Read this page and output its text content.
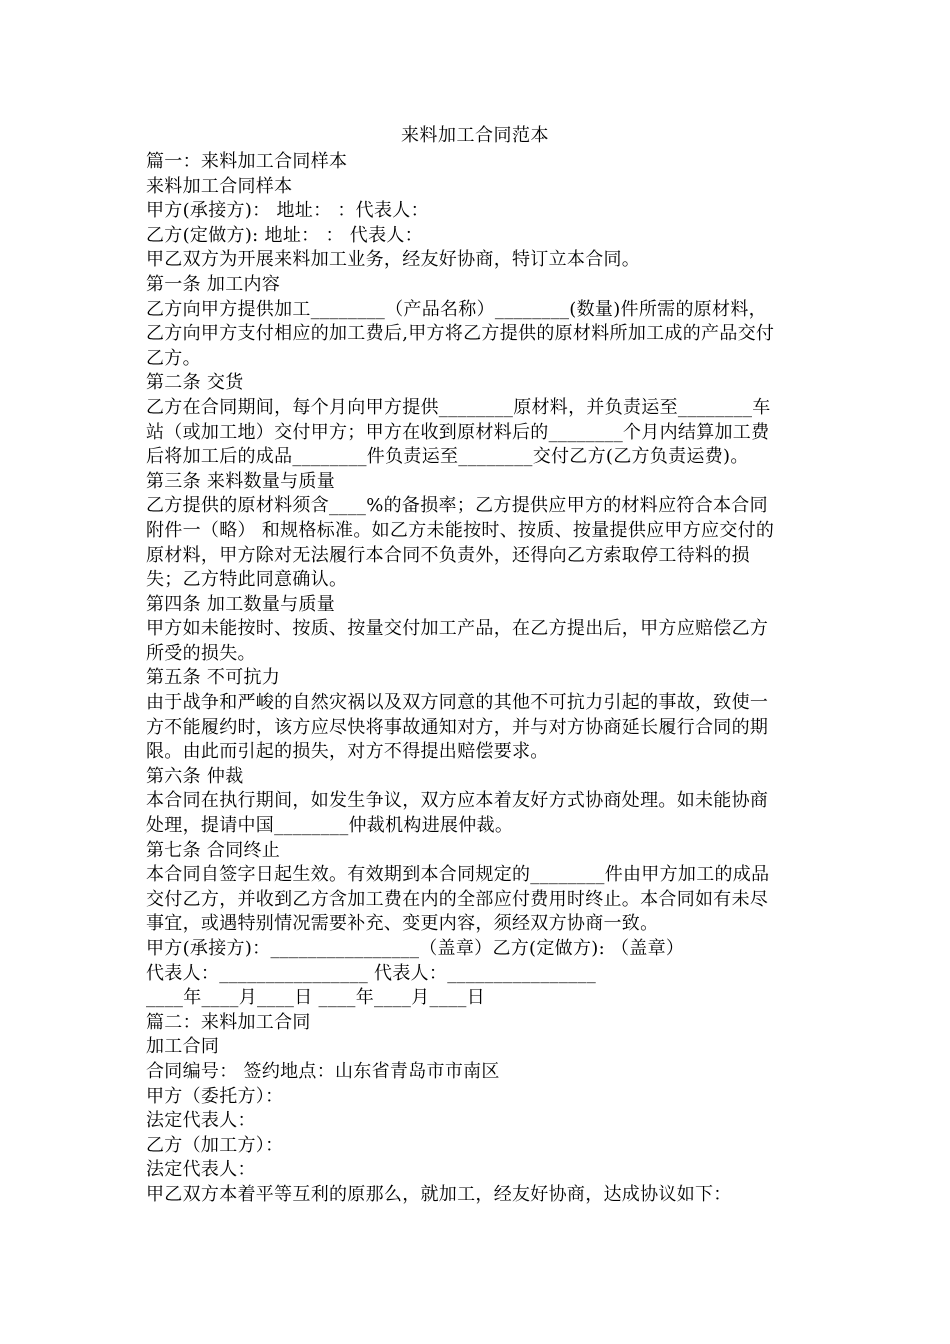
来料加工合同范本

篇一：来料加工合同样本

来料加工合同样本

甲方(承接方)： 地址： ：代表人：

乙方(定做方): 地址： ： 代表人：

甲乙双方为开展来料加工业务，经友好协商，特订立本合同。

第一条 加工内容

乙方向甲方提供加工________（产品名称）________(数量)件所需的原材料，

乙方向甲方支付相应的加工费后,甲方将乙方提供的原材料所加工成的产品交付

乙方。

第二条 交货

乙方在合同期间，每个月向甲方提供________原材料，并负责运至________车

站（或加工地）交付甲方；甲方在收到原材料后的________个月内结算加工费

后将加工后的成品________件负责运至________交付乙方(乙方负责运费)。

第三条 来料数量与质量

乙方提供的原材料须含____%的备损率；乙方提供应甲方的材料应符合本合同

附件一（略） 和规格标准。如乙方未能按时、按质、按量提供应甲方应交付的

原材料，甲方除对无法履行本合同不负责外，还得向乙方索取停工待料的损

失；乙方特此同意确认。

第四条 加工数量与质量

甲方如未能按时、按质、按量交付加工产品，在乙方提出后，甲方应赔偿乙方

所受的损失。

第五条 不可抗力

由于战争和严峻的自然灾祸以及双方同意的其他不可抗力引起的事故，致使一

方不能履约时，该方应尽快将事故通知对方，并与对方协商延长履行合同的期

限。由此而引起的损失，对方不得提出赔偿要求。

第六条 仲裁

本合同在执行期间，如发生争议，双方应本着友好方式协商处理。如未能协商

处理，提请中国________仲裁机构进展仲裁。

第七条 合同终止

本合同自签字日起生效。有效期到本合同规定的________件由甲方加工的成品

交付乙方，并收到乙方含加工费在内的全部应付费用时终止。本合同如有未尽

事宜，或遇特别情况需要补充、变更内容，须经双方协商一致。

甲方(承接方)：________________（盖章）乙方(定做方): （盖章）

代表人：________________ 代表人：________________

____年____月____日 ____年____月____日

篇二：来料加工合同

加工合同

合同编号： 签约地点：山东省青岛市市南区

甲方（委托方）：

法定代表人：

乙方（加工方）：

法定代表人：

甲乙双方本着平等互利的原那么，就加工，经友好协商，达成协议如下：
